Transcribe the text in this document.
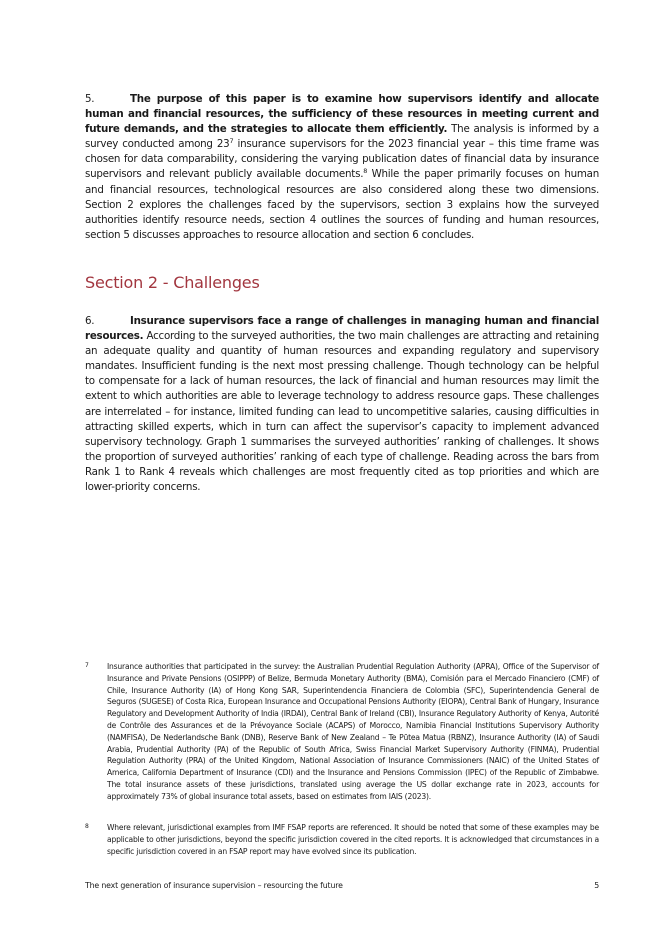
5.	The purpose of this paper is to examine how supervisors identify and allocate human and financial resources, the sufficiency of these resources in meeting current and future demands, and the strategies to allocate them efficiently. The analysis is informed by a survey conducted among $23^7$ insurance supervisors for the 2023 financial year – this time frame was chosen for data comparability, considering the varying publication dates of financial data by insurance supervisors and relevant publicly available documents.$^8$ While the paper primarily focuses on human and financial resources, technological resources are also considered along these two dimensions. Section 2 explores the challenges faced by the supervisors, section 3 explains how the surveyed authorities identify resource needs, section 4 outlines the sources of funding and human resources, section 5 discusses approaches to resource allocation and section 6 concludes.

Section 2 - Challenges

6.	Insurance supervisors face a range of challenges in managing human and financial resources. According to the surveyed authorities, the two main challenges are attracting and retaining an adequate quality and quantity of human resources and expanding regulatory and supervisory mandates. Insufficient funding is the next most pressing challenge. Though technology can be helpful to compensate for a lack of human resources, the lack of financial and human resources may limit the extent to which authorities are able to leverage technology to address resource gaps. These challenges are interrelated – for instance, limited funding can lead to uncompetitive salaries, causing difficulties in attracting skilled experts, which in turn can affect the supervisor’s capacity to implement advanced supervisory technology. Graph 1 summarises the surveyed authorities’ ranking of challenges. It shows the proportion of surveyed authorities’ ranking of each type of challenge. Reading across the bars from Rank 1 to Rank 4 reveals which challenges are most frequently cited as top priorities and which are lower-priority concerns.

7 Insurance authorities that participated in the survey: the Australian Prudential Regulation Authority (APRA), Office of the Supervisor of Insurance and Private Pensions (OSIPPP) of Belize, Bermuda Monetary Authority (BMA), Comisión para el Mercado Financiero (CMF) of Chile, Insurance Authority (IA) of Hong Kong SAR, Superintendencia Financiera de Colombia (SFC), Superintendencia General de Seguros (SUGESE) of Costa Rica, European Insurance and Occupational Pensions Authority (EIOPA), Central Bank of Hungary, Insurance Regulatory and Development Authority of India (IRDAI), Central Bank of Ireland (CBI), Insurance Regulatory Authority of Kenya, Autorité de Contrôle des Assurances et de la Prévoyance Sociale (ACAPS) of Morocco, Namibia Financial Institutions Supervisory Authority (NAMFISA), De Nederlandsche Bank (DNB), Reserve Bank of New Zealand – Te Pūtea Matua (RBNZ), Insurance Authority (IA) of Saudi Arabia, Prudential Authority (PA) of the Republic of South Africa, Swiss Financial Market Supervisory Authority (FINMA), Prudential Regulation Authority (PRA) of the United Kingdom, National Association of Insurance Commissioners (NAIC) of the United States of America, California Department of Insurance (CDI) and the Insurance and Pensions Commission (IPEC) of the Republic of Zimbabwe. The total insurance assets of these jurisdictions, translated using average the US dollar exchange rate in 2023, accounts for approximately 73% of global insurance total assets, based on estimates from IAIS (2023).
8 Where relevant, jurisdictional examples from IMF FSAP reports are referenced. It should be noted that some of these examples may be applicable to other jurisdictions, beyond the specific jurisdiction covered in the cited reports. It is acknowledged that circumstances in a specific jurisdiction covered in an FSAP report may have evolved since its publication.
The next generation of insurance supervision – resourcing the future	5
